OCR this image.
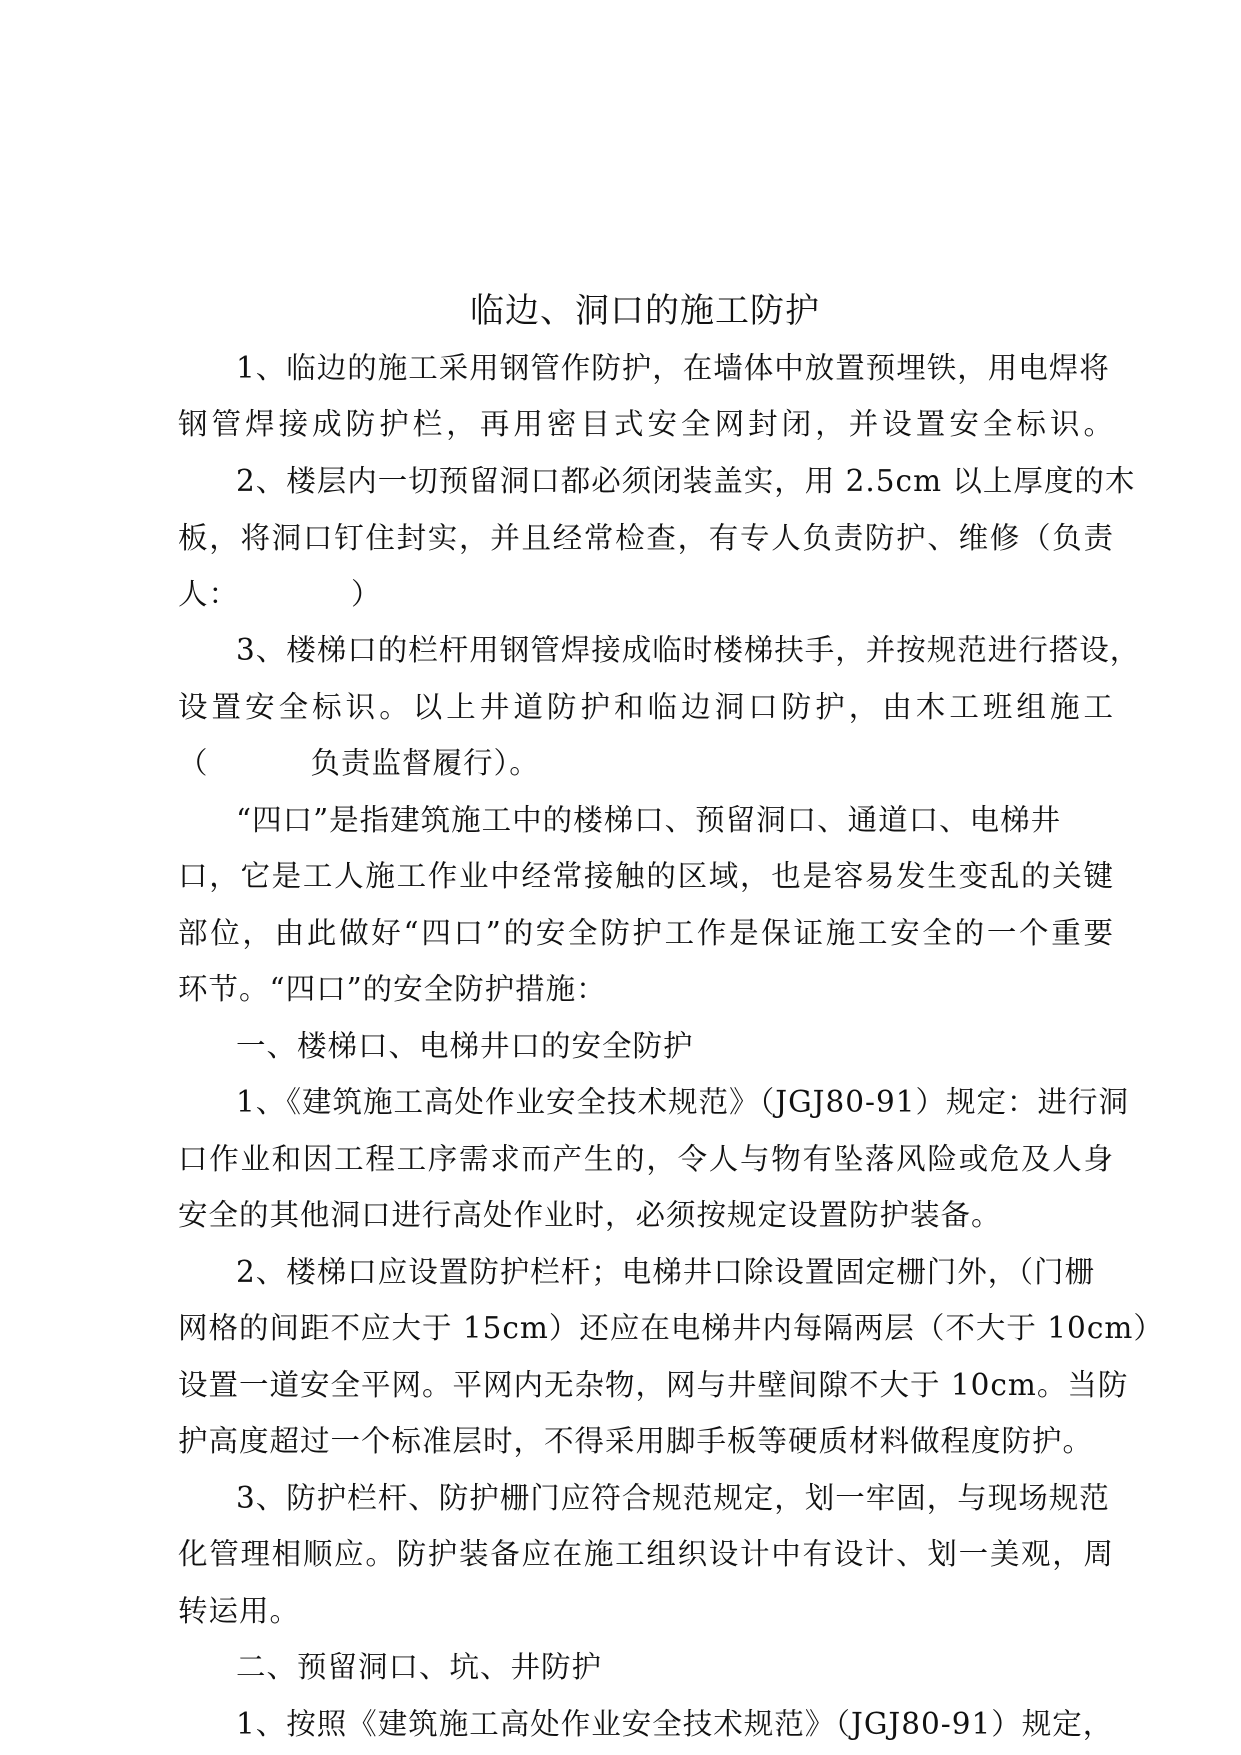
临边、洞口的施工防护
1、临边的施工采用钢管作防护，在墙体中放置预埋铁，用电焊将
钢管焊接成防护栏，再用密目式安全网封闭，并设置安全标识。
2、楼层内一切预留洞口都必须闭装盖实，用 2.5cm 以上厚度的木
板，将洞口钉住封实，并且经常检查，有专人负责防护、维修（负责
人：	）
3、楼梯口的栏杆用钢管焊接成临时楼梯扶手，并按规范进行搭设，
设置安全标识。以上井道防护和临边洞口防护，由木工班组施工
（	负责监督履行）。
“四口”是指建筑施工中的楼梯口、预留洞口、通道口、电梯井
口，它是工人施工作业中经常接触的区域，也是容易发生变乱的关键
部位，由此做好“四口”的安全防护工作是保证施工安全的一个重要
环节。“四口”的安全防护措施：
一、楼梯口、电梯井口的安全防护
1、《建筑施工高处作业安全技术规范》（JGJ80-91）规定：进行洞
口作业和因工程工序需求而产生的，令人与物有坠落风险或危及人身
安全的其他洞口进行高处作业时，必须按规定设置防护装备。
2、楼梯口应设置防护栏杆；电梯井口除设置固定栅门外，（门栅
网格的间距不应大于 15cm）还应在电梯井内每隔两层（不大于 10cm）
设置一道安全平网。平网内无杂物，网与井壁间隙不大于 10cm。当防
护高度超过一个标准层时，不得采用脚手板等硬质材料做程度防护。
3、防护栏杆、防护栅门应符合规范规定，划一牢固，与现场规范
化管理相顺应。防护装备应在施工组织设计中有设计、划一美观，周
转运用。
二、预留洞口、坑、井防护
1、按照《建筑施工高处作业安全技术规范》（JGJ80-91）规定，
